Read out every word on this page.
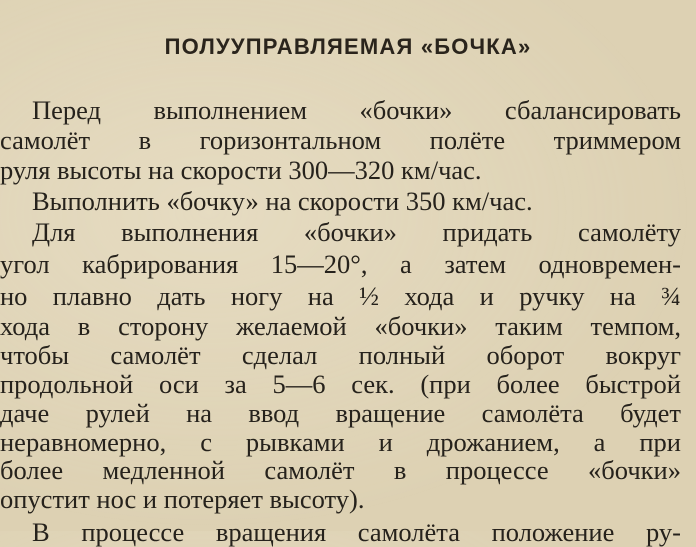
ПОЛУУПРАВЛЯЕМАЯ «БОЧКА»
Перед выполнением «бочки» сбалансировать
самолёт в горизонтальном полёте триммером
руля высоты на скорости 300—320 км/час.
Выполнить «бочку» на скорости 350 км/час.
Для выполнения «бочки» придать самолёту
угол кабрирования 15—20°, а затем одновремен-
но плавно дать ногу на ½ хода и ручку на ¾
хода в сторону желаемой «бочки» таким темпом,
чтобы самолёт сделал полный оборот вокруг
продольной оси за 5—6 сек. (при более быстрой
даче рулей на ввод вращение самолёта будет
неравномерно, с рывками и дрожанием, а при
более медленной самолёт в процессе «бочки»
опустит нос и потеряет высоту).
В процессе вращения самолёта положение ру-
